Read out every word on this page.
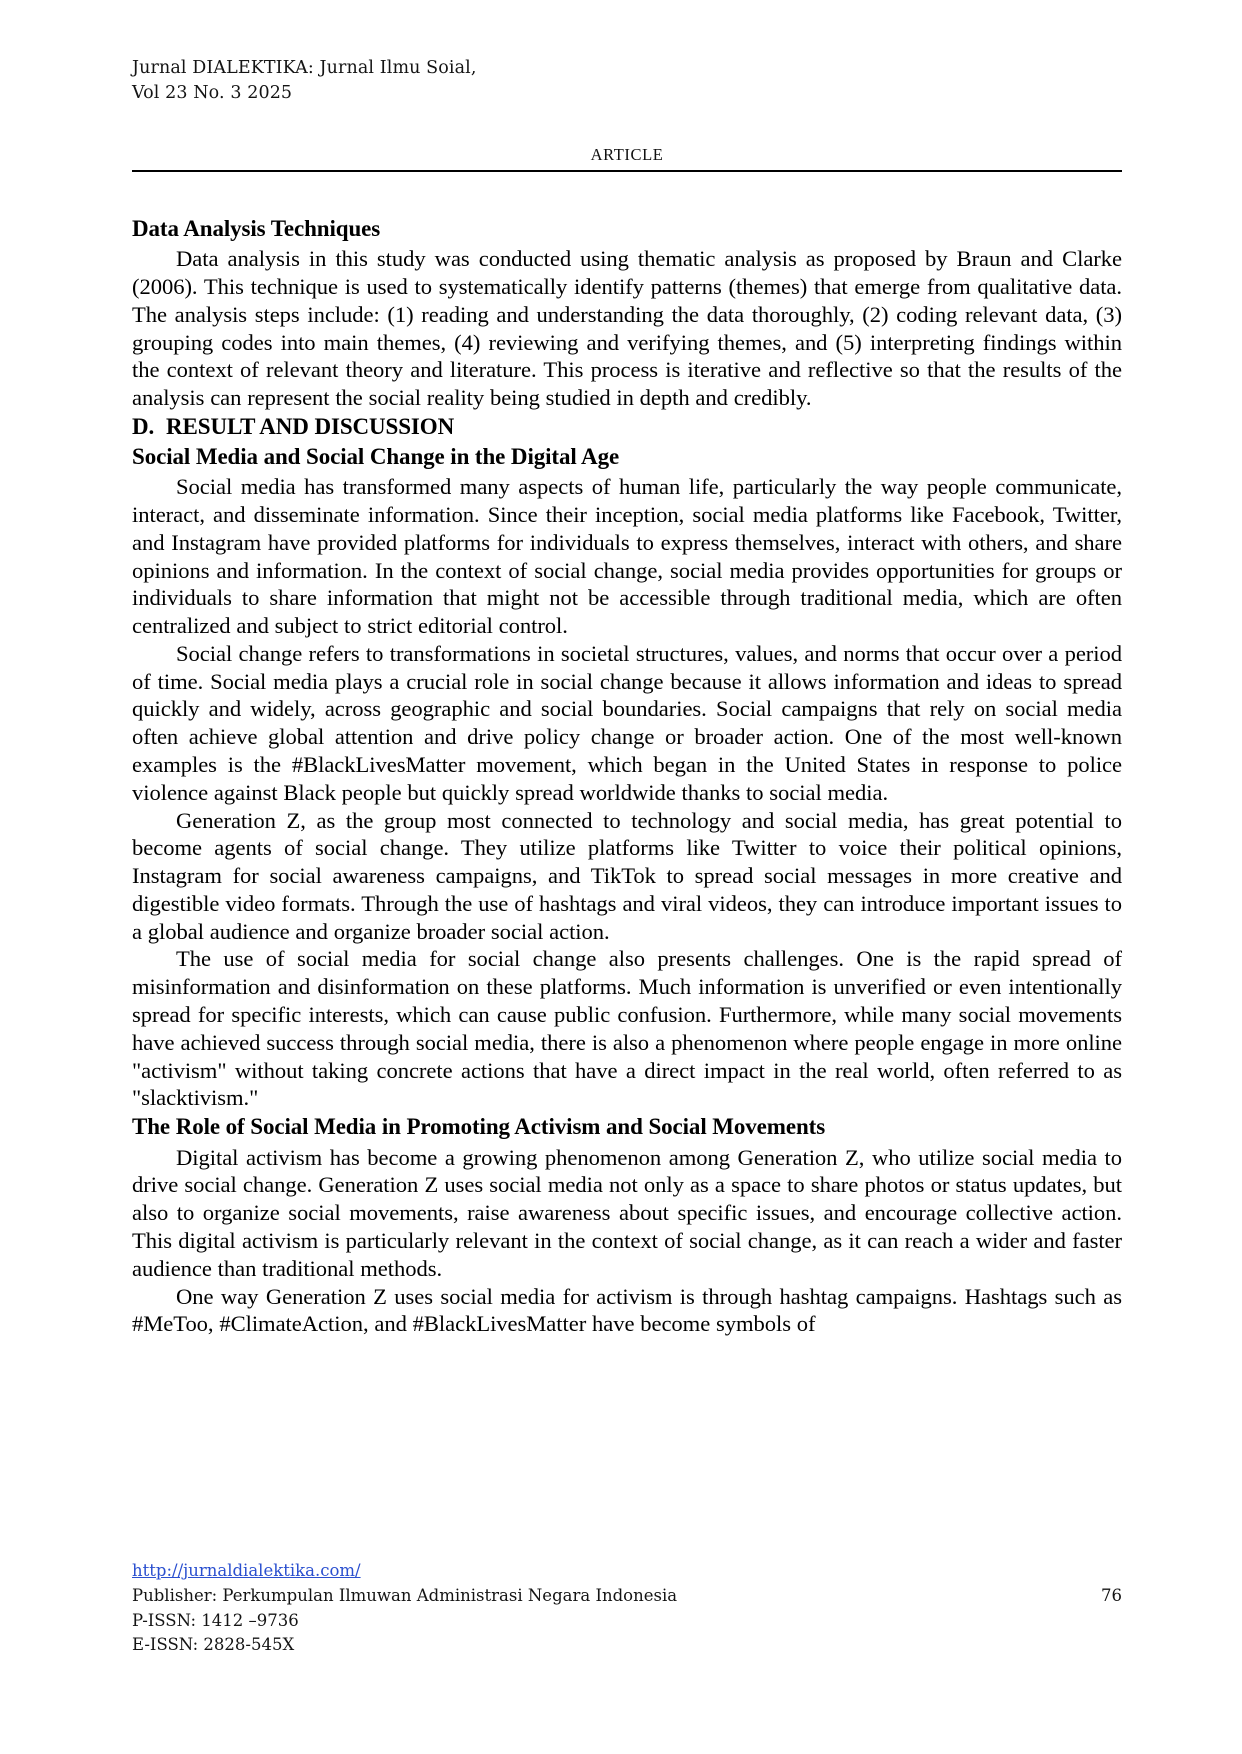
Jurnal DIALEKTIKA: Jurnal Ilmu Soial,
Vol 23 No. 3 2025
ARTICLE
Data Analysis Techniques

Data analysis in this study was conducted using thematic analysis as proposed by Braun and Clarke (2006). This technique is used to systematically identify patterns (themes) that emerge from qualitative data. The analysis steps include: (1) reading and understanding the data thoroughly, (2) coding relevant data, (3) grouping codes into main themes, (4) reviewing and verifying themes, and (5) interpreting findings within the context of relevant theory and literature. This process is iterative and reflective so that the results of the analysis can represent the social reality being studied in depth and credibly.

D. RESULT AND DISCUSSION
Social Media and Social Change in the Digital Age

Social media has transformed many aspects of human life, particularly the way people communicate, interact, and disseminate information. Since their inception, social media platforms like Facebook, Twitter, and Instagram have provided platforms for individuals to express themselves, interact with others, and share opinions and information. In the context of social change, social media provides opportunities for groups or individuals to share information that might not be accessible through traditional media, which are often centralized and subject to strict editorial control.

Social change refers to transformations in societal structures, values, and norms that occur over a period of time. Social media plays a crucial role in social change because it allows information and ideas to spread quickly and widely, across geographic and social boundaries. Social campaigns that rely on social media often achieve global attention and drive policy change or broader action. One of the most well-known examples is the #BlackLivesMatter movement, which began in the United States in response to police violence against Black people but quickly spread worldwide thanks to social media.

Generation Z, as the group most connected to technology and social media, has great potential to become agents of social change. They utilize platforms like Twitter to voice their political opinions, Instagram for social awareness campaigns, and TikTok to spread social messages in more creative and digestible video formats. Through the use of hashtags and viral videos, they can introduce important issues to a global audience and organize broader social action.

The use of social media for social change also presents challenges. One is the rapid spread of misinformation and disinformation on these platforms. Much information is unverified or even intentionally spread for specific interests, which can cause public confusion. Furthermore, while many social movements have achieved success through social media, there is also a phenomenon where people engage in more online "activism" without taking concrete actions that have a direct impact in the real world, often referred to as "slacktivism."

The Role of Social Media in Promoting Activism and Social Movements

Digital activism has become a growing phenomenon among Generation Z, who utilize social media to drive social change. Generation Z uses social media not only as a space to share photos or status updates, but also to organize social movements, raise awareness about specific issues, and encourage collective action. This digital activism is particularly relevant in the context of social change, as it can reach a wider and faster audience than traditional methods.

One way Generation Z uses social media for activism is through hashtag campaigns. Hashtags such as #MeToo, #ClimateAction, and #BlackLivesMatter have become symbols of

http://jurnaldialektika.com/
Publisher: Perkumpulan Ilmuwan Administrasi Negara Indonesia	76
P-ISSN: 1412 –9736
E-ISSN: 2828-545X
